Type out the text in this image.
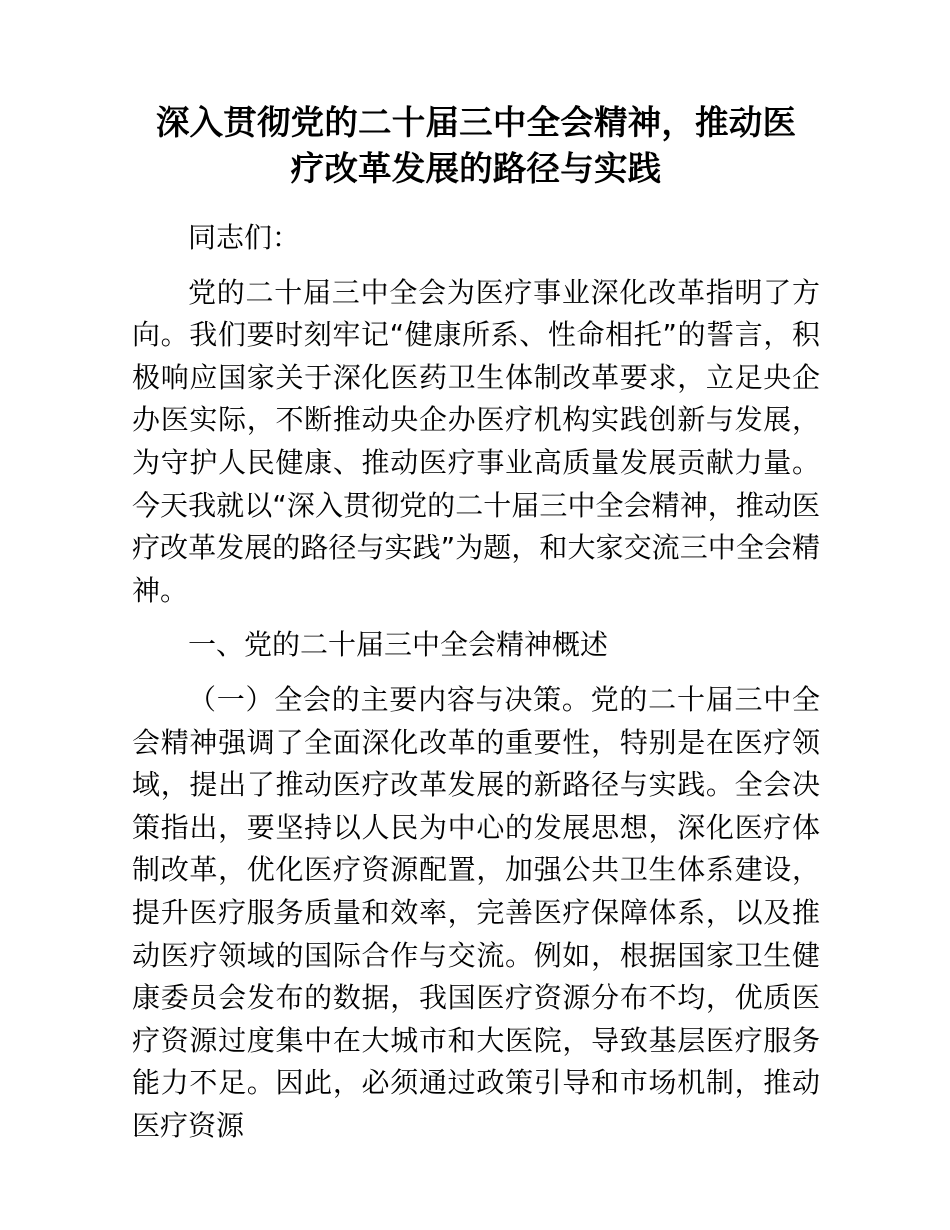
深入贯彻党的二十届三中全会精神，推动医疗改革发展的路径与实践

同志们：

党的二十届三中全会为医疗事业深化改革指明了方向。我们要时刻牢记“健康所系、性命相托”的誓言，积极响应国家关于深化医药卫生体制改革要求，立足央企办医实际，不断推动央企办医疗机构实践创新与发展，为守护人民健康、推动医疗事业高质量发展贡献力量。今天我就以“深入贯彻党的二十届三中全会精神，推动医疗改革发展的路径与实践”为题，和大家交流三中全会精神。

一、党的二十届三中全会精神概述

（一）全会的主要内容与决策。党的二十届三中全会精神强调了全面深化改革的重要性，特别是在医疗领域，提出了推动医疗改革发展的新路径与实践。全会决策指出，要坚持以人民为中心的发展思想，深化医疗体制改革，优化医疗资源配置，加强公共卫生体系建设，提升医疗服务质量和效率，完善医疗保障体系，以及推动医疗领域的国际合作与交流。例如，根据国家卫生健康委员会发布的数据，我国医疗资源分布不均，优质医疗资源过度集中在大城市和大医院，导致基层医疗服务能力不足。因此，必须通过政策引导和市场机制，推动医疗资源
